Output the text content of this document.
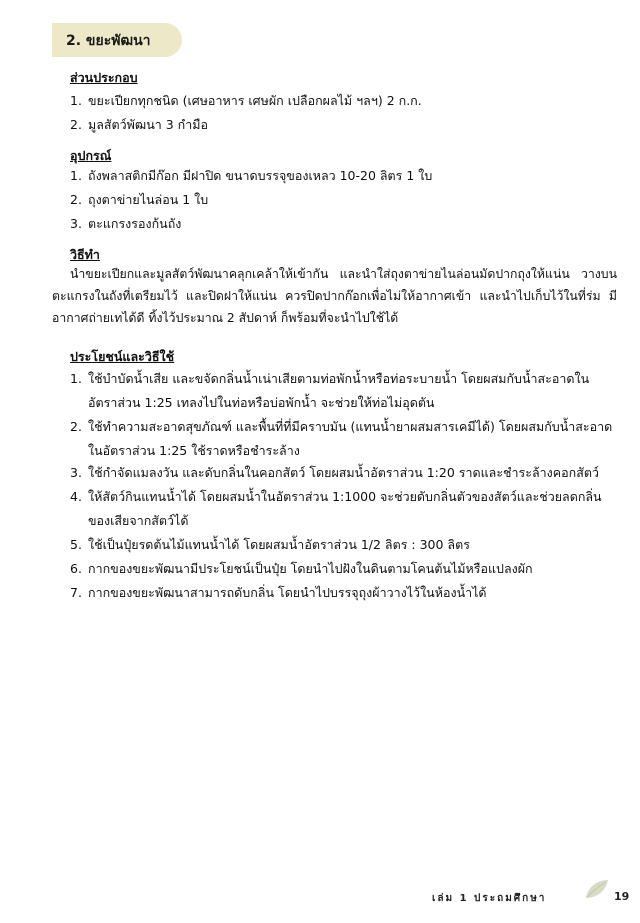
2. ขยะพัฒนา
ส่วนประกอบ
1. ขยะเปียกทุกชนิด (เศษอาหาร เศษผัก เปลือกผลไม้ ฯลฯ) 2 ก.ก.
2. มูลสัตว์พัฒนา 3 กำมือ
อุปกรณ์
1. ถังพลาสติกมีก๊อก มีฝาปิด ขนาดบรรจุของเหลว 10-20 ลิตร 1 ใบ
2. ถุงตาข่ายไนล่อน 1 ใบ
3. ตะแกรงรองก้นถัง
วิธีทำ
นำขยะเปียกและมูลสัตว์พัฒนาคลุกเคล้าให้เข้ากัน และนำใส่ถุงตาข่ายไนล่อนมัดปากถุงให้แน่น วางบนตะแกรงในถังที่เตรียมไว้ และปิดฝาให้แน่น ควรปิดปากก๊อกเพื่อไม่ให้อากาศเข้า และนำไปเก็บไว้ในที่ร่ม มีอากาศถ่ายเทได้ดี ทิ้งไว้ประมาณ 2 สัปดาห์ ก็พร้อมที่จะนำไปใช้ได้
ประโยชน์และวิธีใช้
1. ใช้บำบัดน้ำเสีย และขจัดกลิ่นน้ำเน่าเสียตามท่อพักน้ำหรือท่อระบายน้ำ โดยผสมกับน้ำสะอาดในอัตราส่วน 1:25 เทลงไปในท่อหรือบ่อพักน้ำ จะช่วยให้ท่อไม่อุดตัน
2. ใช้ทำความสะอาดสุขภัณฑ์ และพื้นที่ที่มีคราบมัน (แทนน้ำยาผสมสารเคมีได้) โดยผสมกับน้ำสะอาดในอัตราส่วน 1:25 ใช้ราดหรือชำระล้าง
3. ใช้กำจัดแมลงวัน และดับกลิ่นในคอกสัตว์ โดยผสมน้ำอัตราส่วน 1:20 ราดและชำระล้างคอกสัตว์
4. ให้สัตว์กินแทนน้ำได้ โดยผสมน้ำในอัตราส่วน 1:1000 จะช่วยดับกลิ่นตัวของสัตว์และช่วยลดกลิ่นของเสียจากสัตว์ได้
5. ใช้เป็นปุ๋ยรดต้นไม้แทนน้ำได้ โดยผสมน้ำอัตราส่วน 1/2 ลิตร : 300 ลิตร
6. กากของขยะพัฒนามีประโยชน์เป็นปุ๋ย โดยนำไปฝังในดินตามโคนต้นไม้หรือแปลงผัก
7. กากของขยะพัฒนาสามารถดับกลิ่น โดยนำไปบรรจุถุงผ้าวางไว้ในห้องน้ำได้
เล่ม 1 ประถมศึกษา	19
